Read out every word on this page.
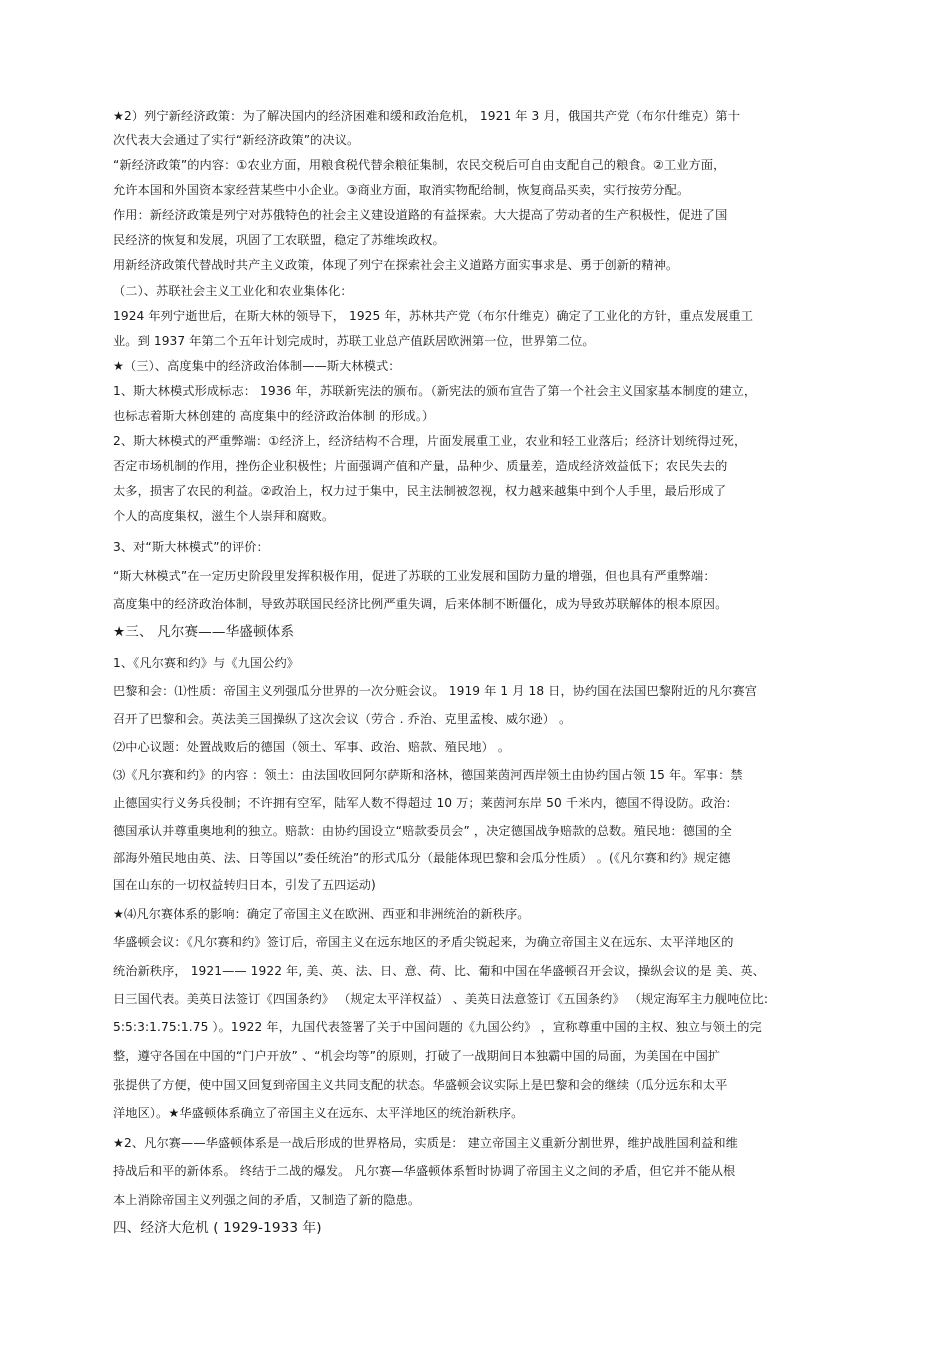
★2）列宁新经济政策：为了解决国内的经济困难和缓和政治危机， 1921 年 3 月，俄国共产党（布尔什维克）第十
次代表大会通过了实行“新经济政策”的决议。
“新经济政策”的内容：①农业方面，用粮食税代替余粮征集制，农民交税后可自由支配自己的粮食。②工业方面，
允许本国和外国资本家经营某些中小企业。③商业方面，取消实物配给制，恢复商品买卖，实行按劳分配。
作用：新经济政策是列宁对苏俄特色的社会主义建设道路的有益探索。大大提高了劳动者的生产积极性，促进了国
民经济的恢复和发展，巩固了工农联盟，稳定了苏维埃政权。
用新经济政策代替战时共产主义政策，体现了列宁在探索社会主义道路方面实事求是、勇于创新的精神。
（二）、苏联社会主义工业化和农业集体化：
1924 年列宁逝世后，在斯大林的领导下， 1925 年，苏林共产党（布尔什维克）确定了工业化的方针，重点发展重工
业。到 1937 年第二个五年计划完成时，苏联工业总产值跃居欧洲第一位，世界第二位。
★（三）、高度集中的经济政治体制——斯大林模式：
1、斯大林模式形成标志： 1936 年，苏联新宪法的颁布。（新宪法的颁布宣告了第一个社会主义国家基本制度的建立，
也标志着斯大林创建的 高度集中的经济政治体制 的形成。）
2、斯大林模式的严重弊端：①经济上，经济结构不合理，片面发展重工业，农业和轻工业落后；经济计划统得过死，
否定市场机制的作用，挫伤企业积极性；片面强调产值和产量，品种少、质量差，造成经济效益低下；农民失去的
太多，损害了农民的利益。②政治上，权力过于集中，民主法制被忽视，权力越来越集中到个人手里，最后形成了
个人的高度集权，滋生个人崇拜和腐败。
3、对“斯大林模式”的评价：
“斯大林模式”在一定历史阶段里发挥积极作用，促进了苏联的工业发展和国防力量的增强，但也具有严重弊端：
高度集中的经济政治体制，导致苏联国民经济比例严重失调，后来体制不断僵化，成为导致苏联解体的根本原因。
★三、 凡尔赛——华盛顿体系
1、《凡尔赛和约》与《九国公约》
巴黎和会：⑴性质：帝国主义列强瓜分世界的一次分赃会议。 1919 年 1 月 18 日，协约国在法国巴黎附近的凡尔赛宫
召开了巴黎和会。英法美三国操纵了这次会议（劳合 . 乔治、克里孟梭、威尔逊） 。
⑵中心议题：处置战败后的德国（领土、军事、政治、赔款、殖民地） 。
⑶《凡尔赛和约》的内容 ：领土：由法国收回阿尔萨斯和洛林，德国莱茵河西岸领土由协约国占领 15 年。军事：禁
止德国实行义务兵役制；不许拥有空军，陆军人数不得超过 10 万；莱茵河东岸 50 千米内，德国不得设防。政治：
德国承认并尊重奥地利的独立。赔款：由协约国设立“赔款委员会” ，决定德国战争赔款的总数。殖民地：德国的全
部海外殖民地由英、法、日等国以”委任统治”的形式瓜分（最能体现巴黎和会瓜分性质） 。(《凡尔赛和约》规定德
国在山东的一切权益转归日本，引发了五四运动)
★⑷凡尔赛体系的影响：确定了帝国主义在欧洲、西亚和非洲统治的新秩序。
华盛顿会议：《凡尔赛和约》签订后，帝国主义在远东地区的矛盾尖锐起来，为确立帝国主义在远东、太平洋地区的
统治新秩序， 1921—— 1922 年, 美、英、法、日、意、荷、比、葡和中国在华盛顿召开会议，操纵会议的是 美、英、
日三国代表。美英日法签订《四国条约》 （规定太平洋权益） 、美英日法意签订《五国条约》 （规定海军主力舰吨位比:
5:5:3:1.75:1.75 ）。1922 年，九国代表签署了关于中国问题的《九国公约》 ，宣称尊重中国的主权、独立与领土的完
整，遵守各国在中国的“门户开放” 、“机会均等”的原则，打破了一战期间日本独霸中国的局面，为美国在中国扩
张提供了方便，使中国又回复到帝国主义共同支配的状态。华盛顿会议实际上是巴黎和会的继续（瓜分远东和太平
洋地区）。★华盛顿体系确立了帝国主义在远东、太平洋地区的统治新秩序。
★2、凡尔赛——华盛顿体系是一战后形成的世界格局，实质是： 建立帝国主义重新分割世界，维护战胜国利益和维
持战后和平的新体系。 终结于二战的爆发。 凡尔赛—华盛顿体系暂时协调了帝国主义之间的矛盾，但它并不能从根
本上消除帝国主义列强之间的矛盾，又制造了新的隐患。
四、经济大危机 ( 1929-1933 年)
